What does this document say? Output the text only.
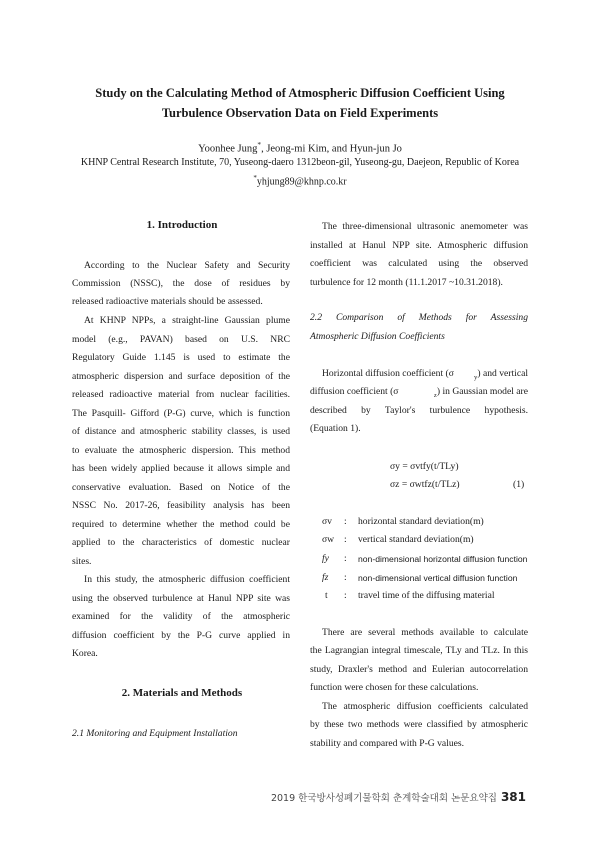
Study on the Calculating Method of Atmospheric Diffusion Coefficient Using
Turbulence Observation Data on Field Experiments
Yoonhee Jung*, Jeong-mi Kim, and Hyun-jun Jo
KHNP Central Research Institute, 70, Yuseong-daero 1312beon-gil, Yuseong-gu, Daejeon, Republic of Korea
*yhjung89@khnp.co.kr
1. Introduction
According to the Nuclear Safety and Security
Commission (NSSC), the dose of residues by
released radioactive materials should be assessed.
At KHNP NPPs, a straight-line Gaussian plume
model (e.g., PAVAN) based on U.S. NRC
Regulatory Guide 1.145 is used to estimate the
atmospheric dispersion and surface deposition of the
released radioactive material from nuclear facilities.
The Pasquill- Gifford (P-G) curve, which is function
of distance and atmospheric stability classes, is used
to evaluate the atmospheric dispersion. This method
has been widely applied because it allows simple and
conservative evaluation. Based on Notice of the
NSSC No. 2017-26, feasibility analysis has been
required to determine whether the method could be
applied to the characteristics of domestic nuclear
sites.
In this study, the atmospheric diffusion coefficient
using the observed turbulence at Hanul NPP site was
examined for the validity of the atmospheric
diffusion coefficient by the P-G curve applied in
Korea.
2. Materials and Methods
2.1 Monitoring and Equipment Installation
The three-dimensional ultrasonic anemometer was
installed at Hanul NPP site. Atmospheric diffusion
coefficient was calculated using the observed
turbulence for 12 month (11.1.2017 ~10.31.2018).
2.2 Comparison of Methods for Assessing
Atmospheric Diffusion Coefficients
Horizontal diffusion coefficient (σ	$_y$) and vertical
diffusion coefficient (σ	$_z$) in Gaussian model are
described by Taylor's turbulence hypothesis.
(Equation 1).
σy = σvtfy(t/TLy)
σz = σwtfz(t/TLz)	(1)
σv : horizontal standard deviation(m)
σw : vertical standard deviation(m)
fy : non-dimensional horizontal diffusion function
fz : non-dimensional vertical diffusion function
t : travel time of the diffusing material
There are several methods available to calculate
the Lagrangian integral timescale, TLy and TLz. In this
study, Draxler's method and Eulerian autocorrelation
function were chosen for these calculations.
The atmospheric diffusion coefficients calculated
by these two methods were classified by atmospheric
stability and compared with P-G values.
2019 한국방사성폐기물학회 춘계학술대회 논문요약집 381
